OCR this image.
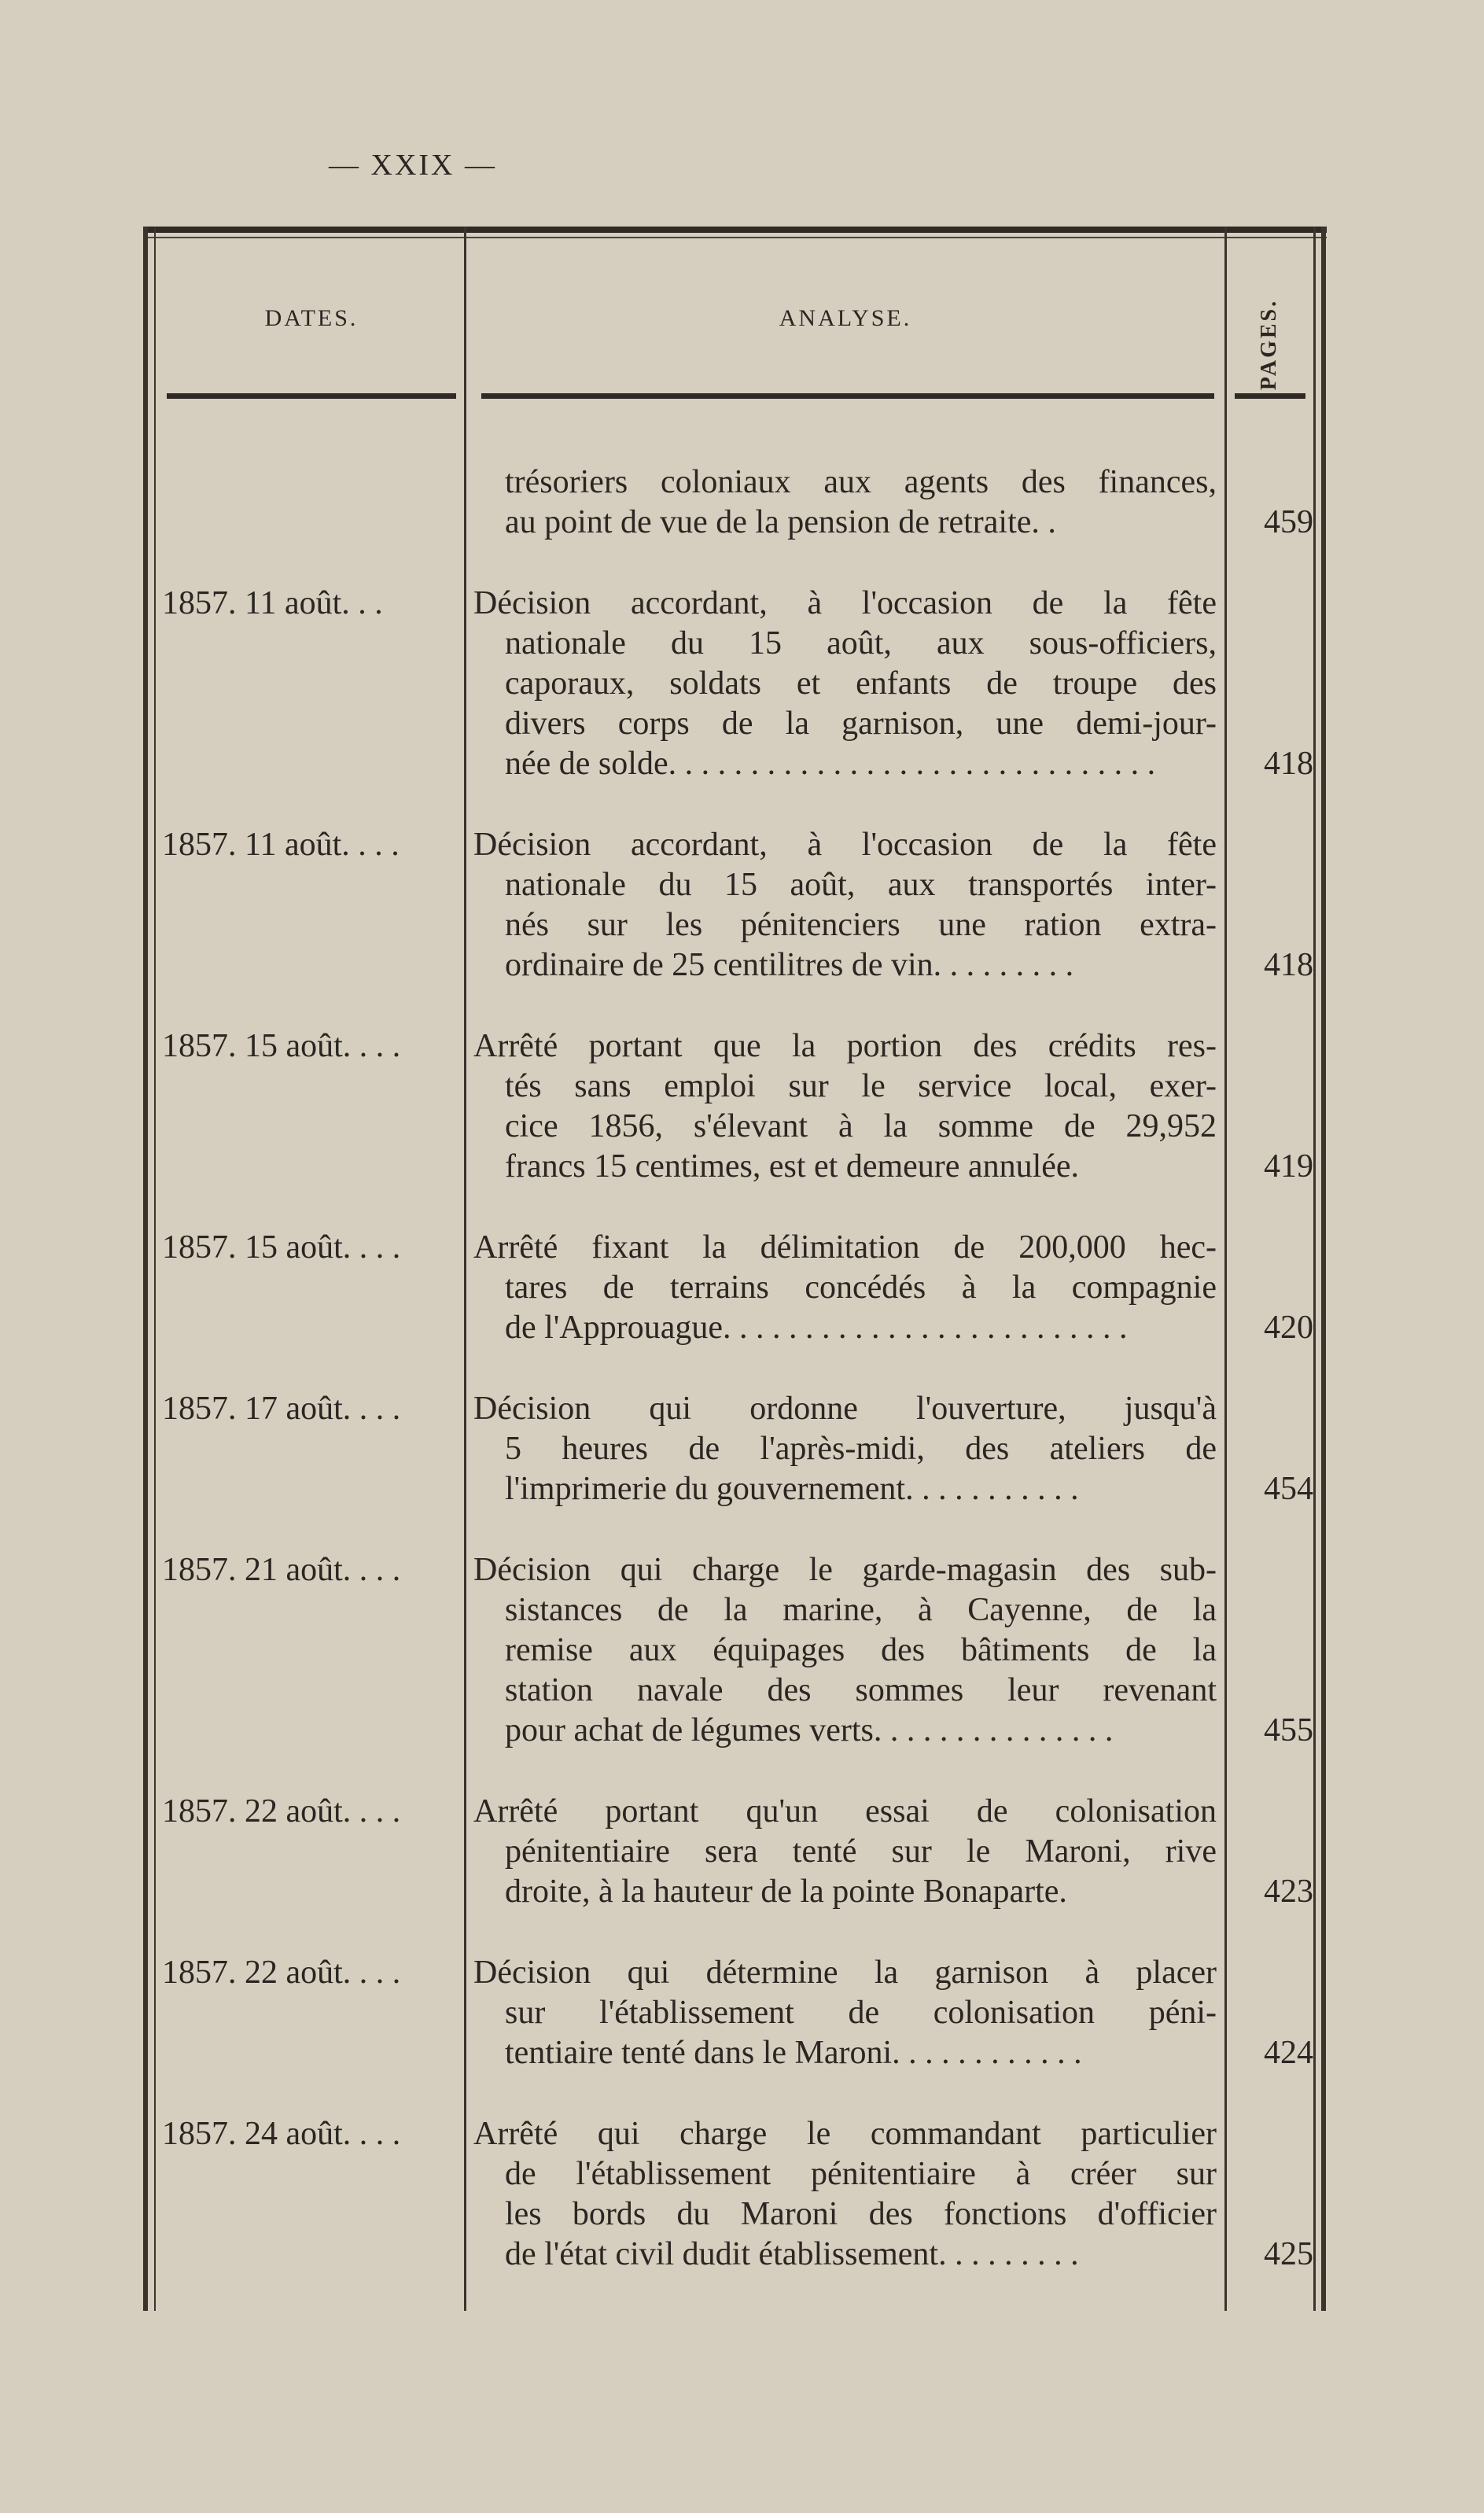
— XXIX —
DATES.	ANALYSE.	PAGES.
trésoriers coloniaux aux agents des finances,
au point de vue de la pension de retraite. .	459
1857. 11 août. . .	Décision accordant, à l'occasion de la fête
nationale du 15 août, aux sous-officiers,
caporaux, soldats et enfants de troupe des
divers corps de la garnison, une demi-jour-
née de solde. . . . . . . . . . . . . . . . . . . . . . . . . . . . . .	418
1857. 11 août. . . .	Décision accordant, à l'occasion de la fête
nationale du 15 août, aux transportés inter-
nés sur les pénitenciers une ration extra-
ordinaire de 25 centilitres de vin. . . . . . . . .	418
1857. 15 août. . . .	Arrêté portant que la portion des crédits res-
tés sans emploi sur le service local, exer-
cice 1856, s'élevant à la somme de 29,952
francs 15 centimes, est et demeure annulée.	419
1857. 15 août. . . .	Arrêté fixant la délimitation de 200,000 hec-
tares de terrains concédés à la compagnie
de l'Approuague. . . . . . . . . . . . . . . . . . . . . . . . .	420
1857. 17 août. . . .	Décision qui ordonne l'ouverture, jusqu'à
5 heures de l'après-midi, des ateliers de
l'imprimerie du gouvernement. . . . . . . . . . .	454
1857. 21 août. . . .	Décision qui charge le garde-magasin des sub-
sistances de la marine, à Cayenne, de la
remise aux équipages des bâtiments de la
station navale des sommes leur revenant
pour achat de légumes verts. . . . . . . . . . . . . . .	455
1857. 22 août. . . .	Arrêté portant qu'un essai de colonisation
pénitentiaire sera tenté sur le Maroni, rive
droite, à la hauteur de la pointe Bonaparte.	423
1857. 22 août. . . .	Décision qui détermine la garnison à placer
sur l'établissement de colonisation péni-
tentiaire tenté dans le Maroni. . . . . . . . . . . .	424
1857. 24 août. . . .	Arrêté qui charge le commandant particulier
de l'établissement pénitentiaire à créer sur
les bords du Maroni des fonctions d'officier
de l'état civil dudit établissement. . . . . . . . .	425
